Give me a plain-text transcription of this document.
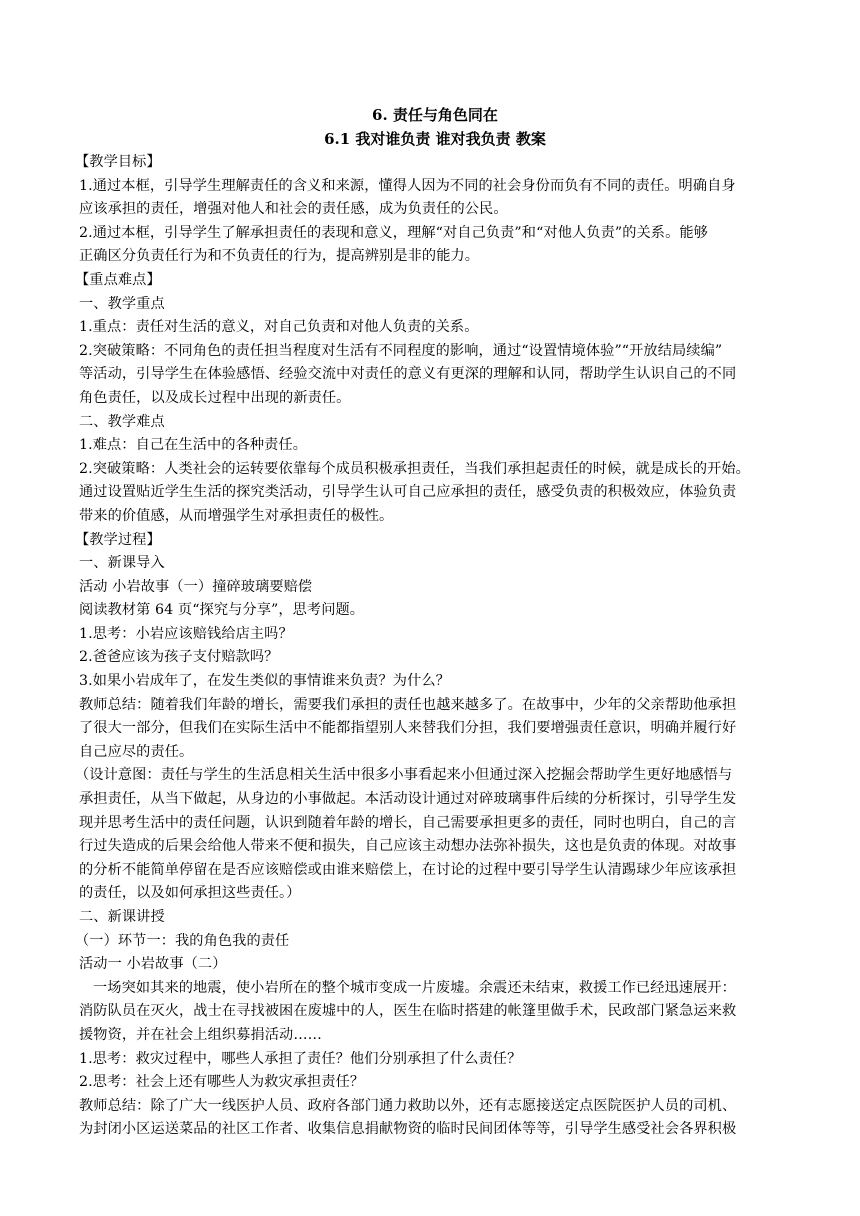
6. 责任与角色同在
6.1 我对谁负责 谁对我负责 教案
【教学目标】
1.通过本框，引导学生理解责任的含义和来源，懂得人因为不同的社会身份而负有不同的责任。明确自身
应该承担的责任，增强对他人和社会的责任感，成为负责任的公民。
2.通过本框，引导学生了解承担责任的表现和意义，理解“对自己负责”和“对他人负责”的关系。能够
正确区分负责任行为和不负责任的行为，提高辨别是非的能力。
【重点难点】
一、教学重点
1.重点：责任对生活的意义，对自己负责和对他人负责的关系。
2.突破策略：不同角色的责任担当程度对生活有不同程度的影响，通过“设置情境体验”“开放结局续编”
等活动，引导学生在体验感悟、经验交流中对责任的意义有更深的理解和认同，帮助学生认识自己的不同
角色责任，以及成长过程中出现的新责任。
二、教学难点
1.难点：自己在生活中的各种责任。
2.突破策略：人类社会的运转要依靠每个成员积极承担责任，当我们承担起责任的时候，就是成长的开始。
通过设置贴近学生生活的探究类活动，引导学生认可自己应承担的责任，感受负责的积极效应，体验负责
带来的价值感，从而增强学生对承担责任的极性。
【教学过程】
一、新课导入
活动 小岩故事（一）撞碎玻璃要赔偿
阅读教材第 64 页“探究与分享”，思考问题。
1.思考：小岩应该赔钱给店主吗？
2.爸爸应该为孩子支付赔款吗？
3.如果小岩成年了，在发生类似的事情谁来负责？为什么？
教师总结：随着我们年龄的增长，需要我们承担的责任也越来越多了。在故事中，少年的父亲帮助他承担
了很大一部分，但我们在实际生活中不能都指望别人来替我们分担，我们要增强责任意识，明确并履行好
自己应尽的责任。
（设计意图：责任与学生的生活息相关生活中很多小事看起来小但通过深入挖掘会帮助学生更好地感悟与
承担责任，从当下做起，从身边的小事做起。本活动设计通过对碎玻璃事件后续的分析探讨，引导学生发
现并思考生活中的责任问题，认识到随着年龄的增长，自己需要承担更多的责任，同时也明白，自己的言
行过失造成的后果会给他人带来不便和损失，自己应该主动想办法弥补损失，这也是负责的体现。对故事
的分析不能简单停留在是否应该赔偿或由谁来赔偿上，在讨论的过程中要引导学生认清踢球少年应该承担
的责任，以及如何承担这些责任。）
二、新课讲授
（一）环节一：我的角色我的责任
活动一 小岩故事（二）
一场突如其来的地震，使小岩所在的整个城市变成一片废墟。余震还未结束，救援工作已经迅速展开：
消防队员在灭火，战士在寻找被困在废墟中的人，医生在临时搭建的帐篷里做手术，民政部门紧急运来救
援物资，并在社会上组织募捐活动……
1.思考：救灾过程中，哪些人承担了责任？他们分别承担了什么责任？
2.思考：社会上还有哪些人为救灾承担责任？
教师总结：除了广大一线医护人员、政府各部门通力救助以外，还有志愿接送定点医院医护人员的司机、
为封闭小区运送菜品的社区工作者、收集信息捐献物资的临时民间团体等等，引导学生感受社会各界积极
